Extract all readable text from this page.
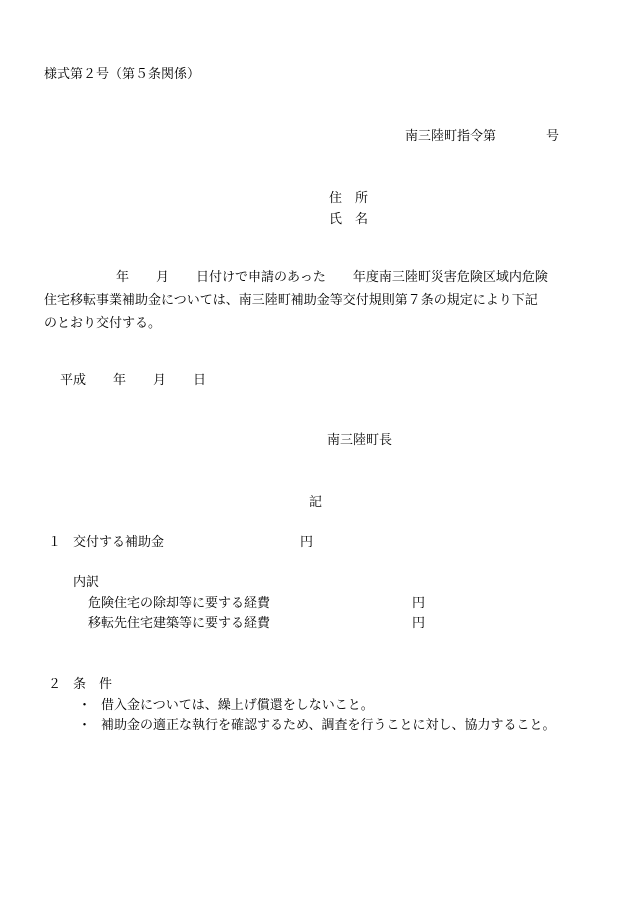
様式第２号（第５条関係）
南三陸町指令第	号
住　所
氏　名
年 月 日付けで申請のあった 年度南三陸町災害危険区域内危険
住宅移転事業補助金については、南三陸町補助金等交付規則第７条の規定により下記
のとおり交付する。
平成 年 月 日
南三陸町長
記
１ 交付する補助金	円
内訳
危険住宅の除却等に要する経費	円
移転先住宅建築等に要する経費	円
２ 条　件
・ 借入金については、繰上げ償還をしないこと。
・ 補助金の適正な執行を確認するため、調査を行うことに対し、協力すること。
